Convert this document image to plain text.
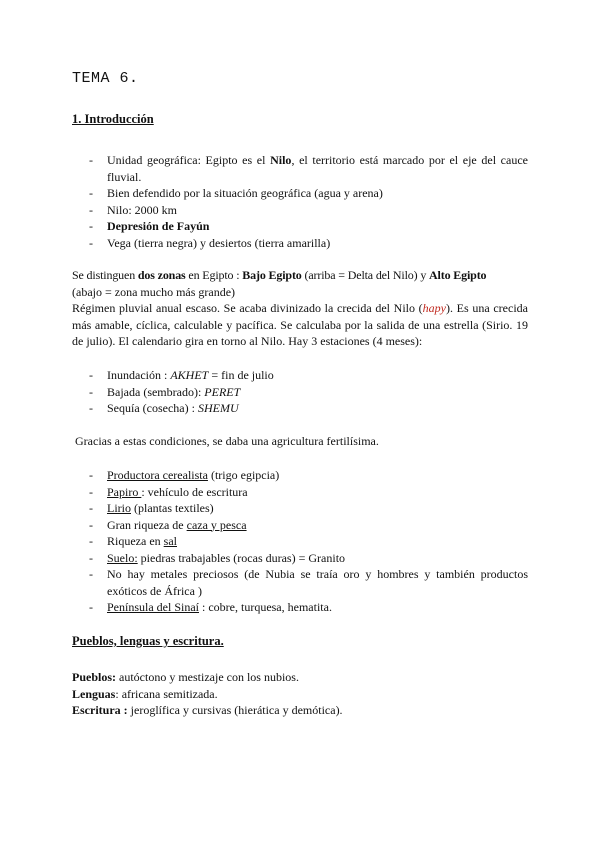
TEMA 6.
1. Introducción
- Unidad geográfica: Egipto es el Nilo, el territorio está marcado por el eje del cauce fluvial.
- Bien defendido por la situación geográfica (agua y arena)
- Nilo: 2000 km
- Depresión de Fayún
- Vega (tierra negra) y desiertos (tierra amarilla)
Se distinguen dos zonas en Egipto : Bajo Egipto (arriba = Delta del Nilo) y Alto Egipto
(abajo = zona mucho más grande)
Régimen pluvial anual escaso. Se acaba divinizado la crecida del Nilo (hapy). Es una crecida más amable, cíclica, calculable y pacífica. Se calculaba por la salida de una estrella (Sirio. 19 de julio). El calendario gira en torno al Nilo. Hay 3 estaciones (4 meses):
- Inundación : AKHET = fin de julio
- Bajada (sembrado): PERET
- Sequía (cosecha) : SHEMU
Gracias a estas condiciones, se daba una agricultura fertilísima.
- Productora cerealista (trigo egipcia)
- Papiro : vehículo de escritura
- Lirio (plantas textiles)
- Gran riqueza de caza y pesca
- Riqueza en sal
- Suelo: piedras trabajables (rocas duras) = Granito
- No hay metales preciosos (de Nubia se traía oro y hombres y también productos exóticos de África )
- Península del Sinaí : cobre, turquesa, hematita.
Pueblos, lenguas y escritura.
Pueblos: autóctono y mestizaje con los nubios.
Lenguas: africana semitizada.
Escritura : jeroglífica y cursivas (hierática y demótica).
